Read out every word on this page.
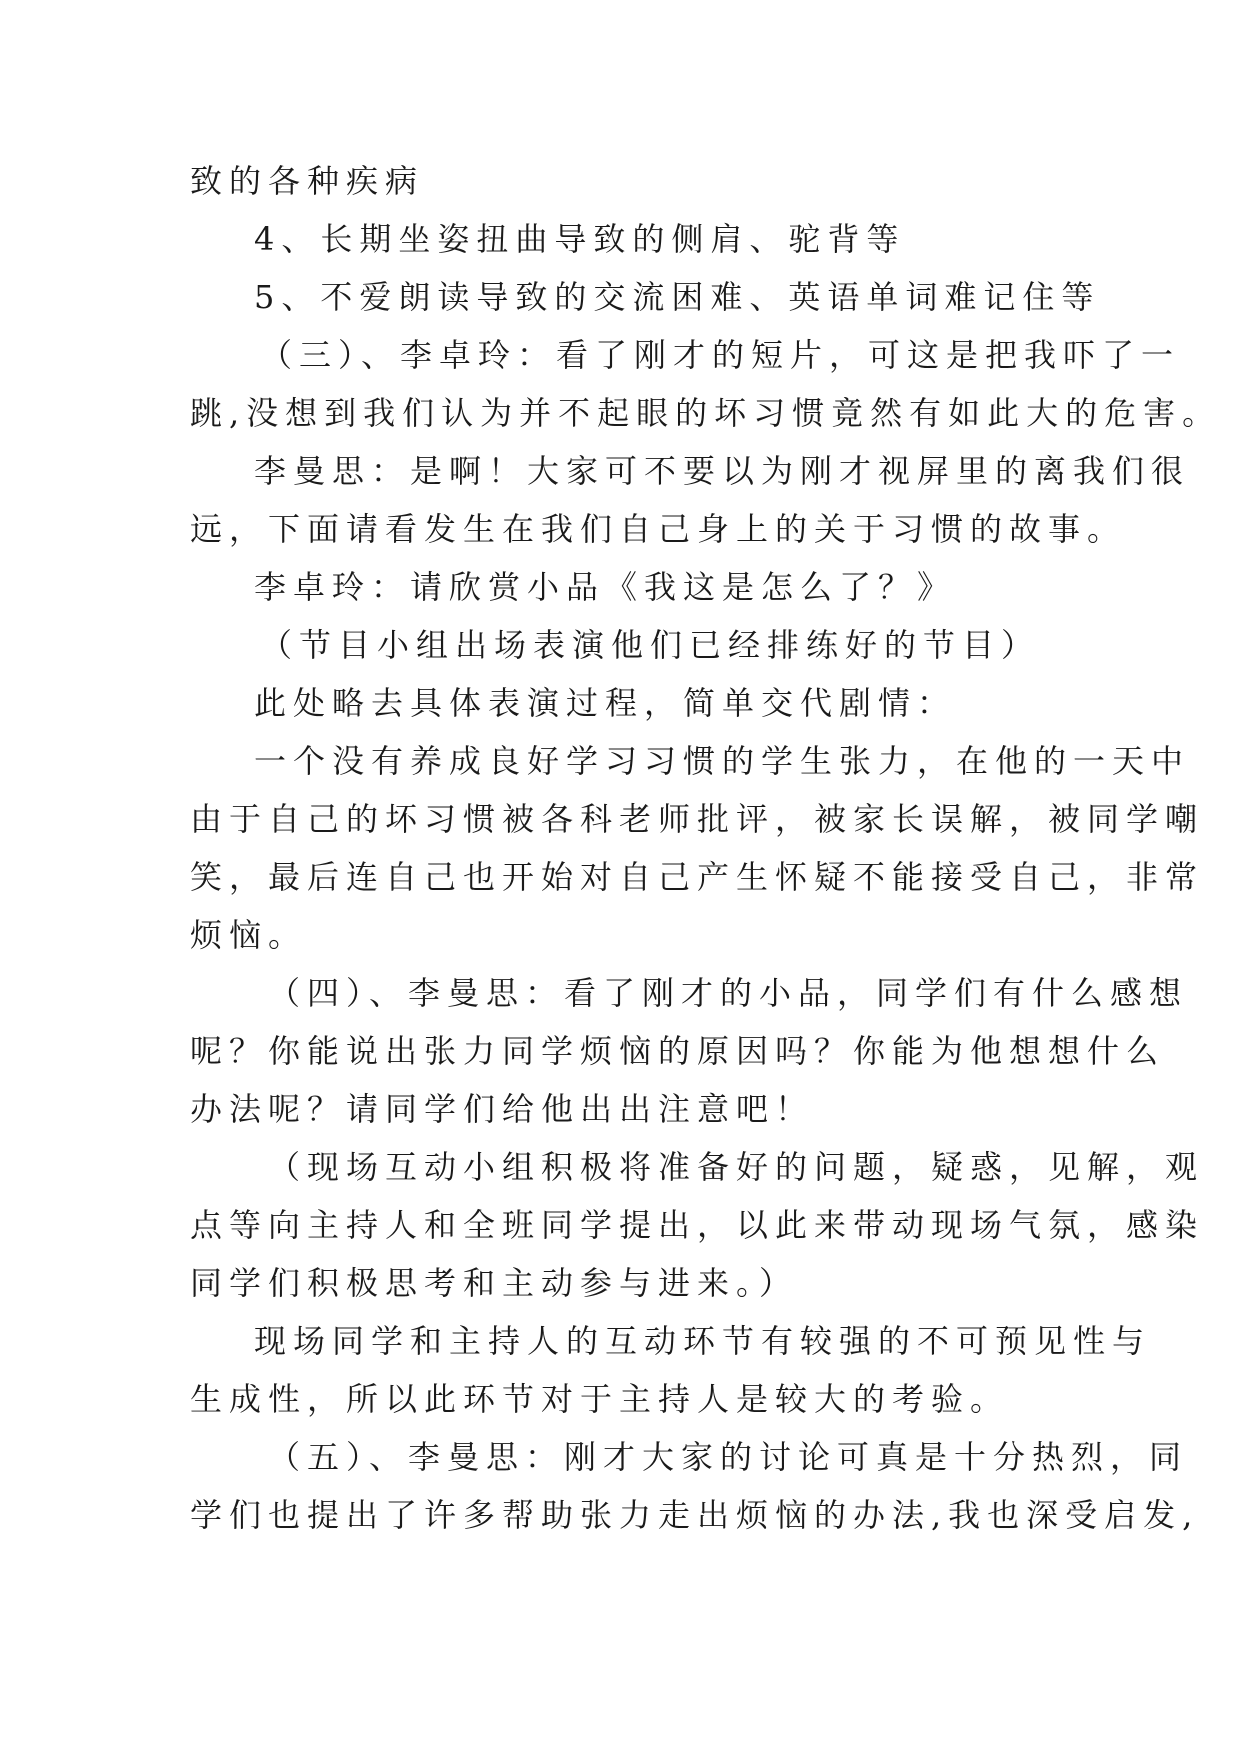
致的各种疾病
4、长期坐姿扭曲导致的侧肩、驼背等
5、不爱朗读导致的交流困难、英语单词难记住等
（三）、李卓玲：看了刚才的短片，可这是把我吓了一
跳,没想到我们认为并不起眼的坏习惯竟然有如此大的危害。
李曼思：是啊！大家可不要以为刚才视屏里的离我们很
远，下面请看发生在我们自己身上的关于习惯的故事。
李卓玲：请欣赏小品《我这是怎么了？》
（节目小组出场表演他们已经排练好的节目）
此处略去具体表演过程，简单交代剧情：
一个没有养成良好学习习惯的学生张力，在他的一天中
由于自己的坏习惯被各科老师批评，被家长误解，被同学嘲
笑，最后连自己也开始对自己产生怀疑不能接受自己，非常
烦恼。
（四）、李曼思：看了刚才的小品，同学们有什么感想
呢？你能说出张力同学烦恼的原因吗？你能为他想想什么
办法呢？请同学们给他出出注意吧！
（现场互动小组积极将准备好的问题，疑惑，见解，观
点等向主持人和全班同学提出，以此来带动现场气氛，感染
同学们积极思考和主动参与进来。）
现场同学和主持人的互动环节有较强的不可预见性与
生成性，所以此环节对于主持人是较大的考验。
（五）、李曼思：刚才大家的讨论可真是十分热烈，同
学们也提出了许多帮助张力走出烦恼的办法,我也深受启发,
